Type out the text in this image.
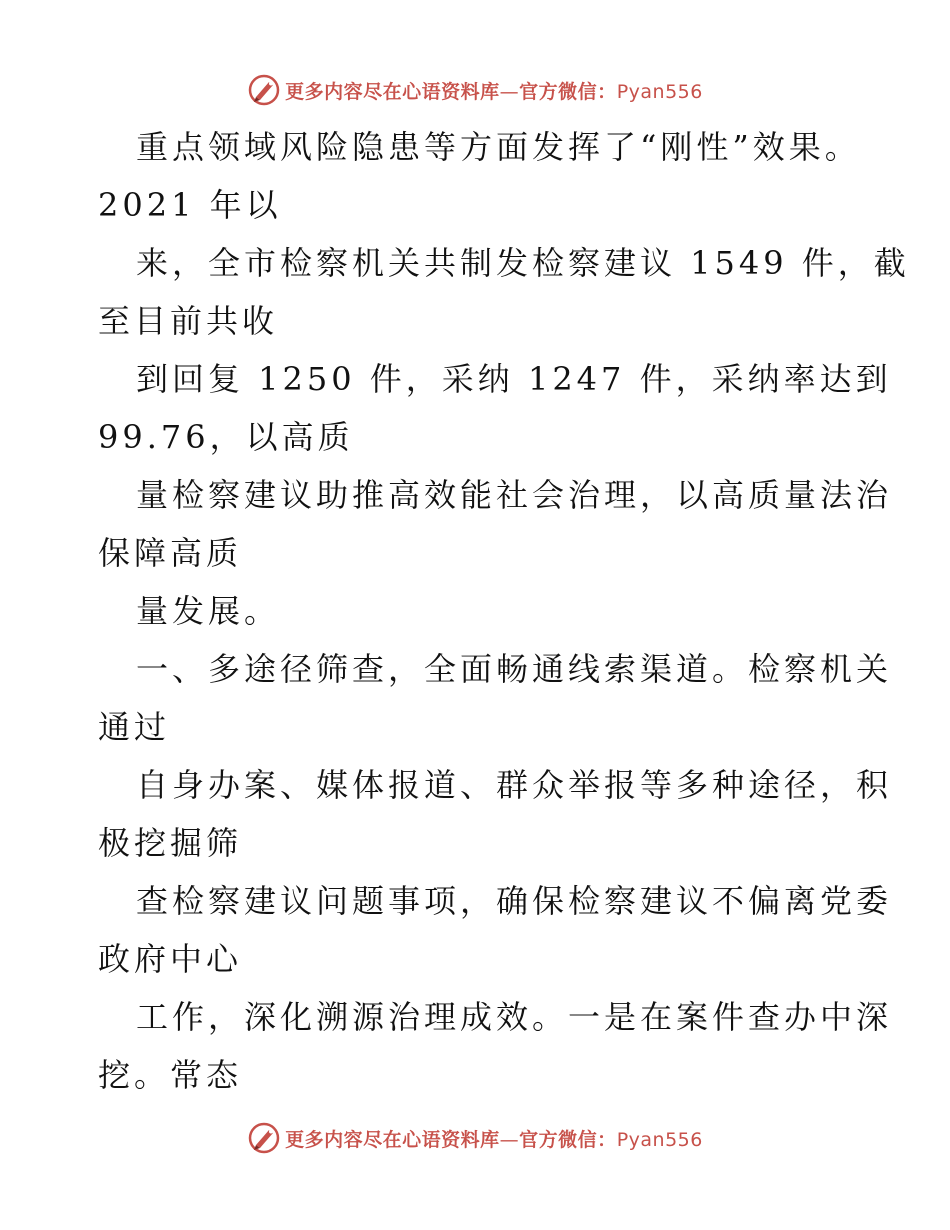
更多内容尽在心语资料库—官方微信：Pyan556
重点领域风险隐患等方面发挥了“刚性”效果。
2021 年以
来，全市检察机关共制发检察建议 1549 件，截
至目前共收
到回复 1250 件，采纳 1247 件，采纳率达到
99.76，以高质
量检察建议助推高效能社会治理，以高质量法治
保障高质
量发展。
一、多途径筛查，全面畅通线索渠道。检察机关
通过
自身办案、媒体报道、群众举报等多种途径，积
极挖掘筛
查检察建议问题事项，确保检察建议不偏离党委
政府中心
工作，深化溯源治理成效。一是在案件查办中深
挖。常态
更多内容尽在心语资料库—官方微信：Pyan556
